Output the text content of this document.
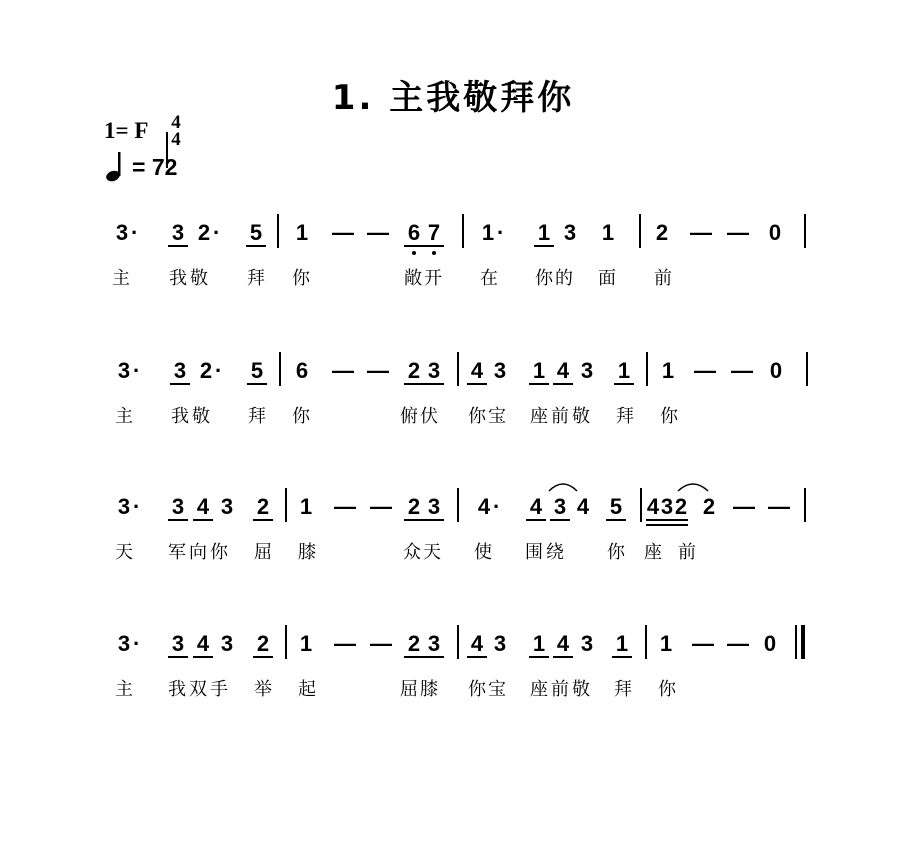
1. 主我敬拜你
1= F 4
4
= 72
3 · 3 2 · 5 1 — — 6 7 1 · 1 3 1 2 — — 0
主 我敬 拜 你	敞开 在 你的 面 前
3 · 3 2 · 5 6 — — 2 3 4 3 1 4 3 1 1 — — 0
主 我敬 拜 你	俯伏 你宝 座前敬 拜 你
3 · 3 4 3 2 1 — — 2 3 4 · 4 3 4 5 4 3 2 2 — —
天 军向你 屈 膝	众天 使 围绕 你 座 前
3 · 3 4 3 2 1 — — 2 3 4 3 1 4 3 1 1 — — 0
主 我双手 举 起	屈膝 你宝 座前敬 拜 你
